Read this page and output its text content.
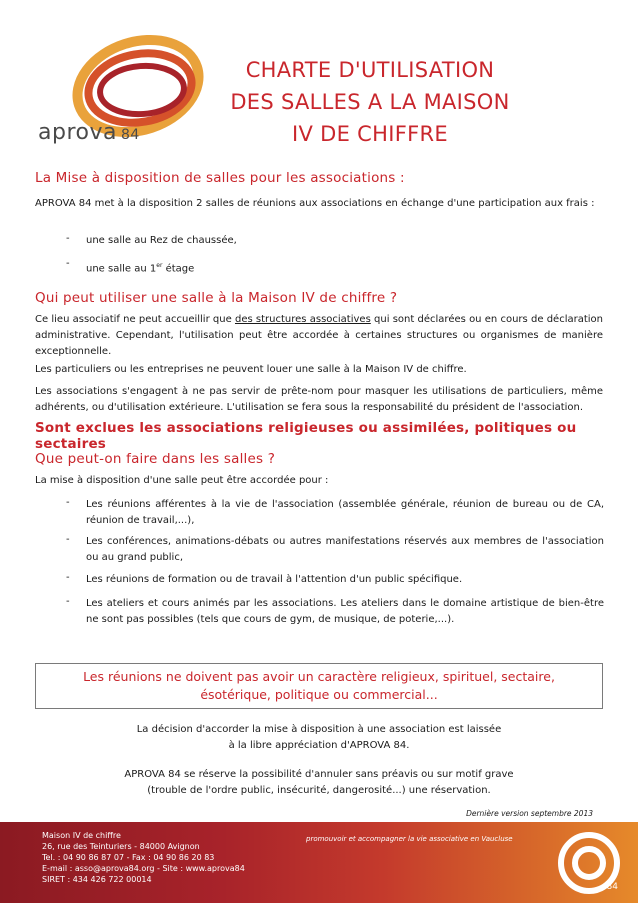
aprova 84
CHARTE D'UTILISATION
DES SALLES A LA MAISON
IV DE CHIFFRE
La Mise à disposition de salles pour les associations :
APROVA 84 met à la disposition 2 salles de réunions aux associations en échange d'une participation aux frais :
- une salle au Rez de chaussée,
- une salle au 1er étage
Qui peut utiliser une salle à la Maison IV de chiffre ?
Ce lieu associatif ne peut accueillir que des structures associatives qui sont déclarées ou en cours de déclaration administrative. Cependant, l'utilisation peut être accordée à certaines structures ou organismes de manière exceptionnelle.
Les particuliers ou les entreprises ne peuvent louer une salle à la Maison IV de chiffre.
Les associations s'engagent à ne pas servir de prête-nom pour masquer les utilisations de particuliers, même adhérents, ou d'utilisation extérieure. L'utilisation se fera sous la responsabilité du président de l'association.
Sont exclues les associations religieuses ou assimilées, politiques ou sectaires
Que peut-on faire dans les salles ?
La mise à disposition d'une salle peut être accordée pour :
- Les réunions afférentes à la vie de l'association (assemblée générale, réunion de bureau ou de CA, réunion de travail,...),
- Les conférences, animations-débats ou autres manifestations réservés aux membres de l'association ou au grand public,
- Les réunions de formation ou de travail à l'attention d'un public spécifique.
- Les ateliers et cours animés par les associations. Les ateliers dans le domaine artistique de bien-être ne sont pas possibles (tels que cours de gym, de musique, de poterie,...).
Les réunions ne doivent pas avoir un caractère religieux, spirituel, sectaire,
ésotérique, politique ou commercial...
La décision d'accorder la mise à disposition à une association est laissée
à la libre appréciation d'APROVA 84.
APROVA 84 se réserve la possibilité d'annuler sans préavis ou sur motif grave
(trouble de l'ordre public, insécurité, dangerosité...) une réservation.
Dernière version septembre 2013
Maison IV de chiffre
26, rue des Teinturiers - 84000 Avignon
Tel. : 04 90 86 87 07 - Fax : 04 90 86 20 83
E-mail : asso@aprova84.org - Site : www.aprova84
SIRET : 434 426 722 00014
promouvoir et accompagner la vie associative en Vaucluse
84
